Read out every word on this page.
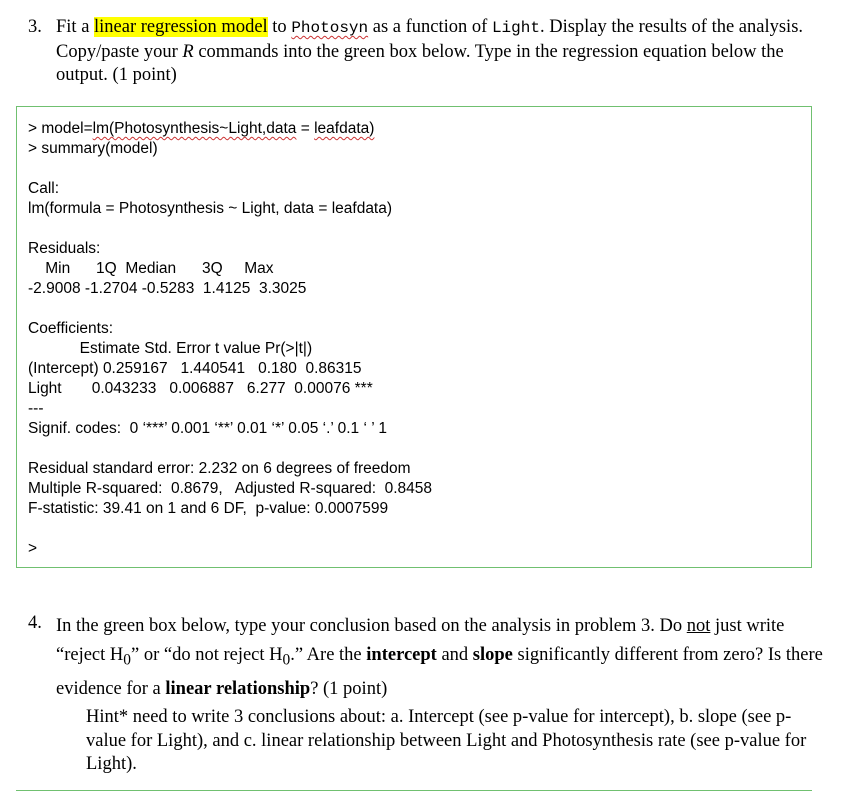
3. Fit a linear regression model to Photosyn as a function of Light. Display the results of the analysis. Copy/paste your R commands into the green box below. Type in the regression equation below the output. (1 point)
> model=lm(Photosynthesis~Light,data = leafdata)
> summary(model)
Call:
lm(formula = Photosynthesis ~ Light, data = leafdata)
Residuals:
Min      1Q  Median      3Q     Max
-2.9008 -1.2704 -0.5283  1.4125  3.3025
Coefficients:
Estimate Std. Error t value Pr(>|t|)
(Intercept) 0.259167   1.440541   0.180  0.86315
Light       0.043233   0.006887   6.277  0.00076 ***
---
Signif. codes:  0 ‘***’ 0.001 ‘**’ 0.01 ‘*’ 0.05 ‘.’ 0.1 ‘ ’ 1
Residual standard error: 2.232 on 6 degrees of freedom
Multiple R-squared:  0.8679,	Adjusted R-squared:  0.8458
F-statistic: 39.41 on 1 and 6 DF,  p-value: 0.0007599
>
4. In the green box below, type your conclusion based on the analysis in problem 3. Do not just write “reject $H_0$” or “do not reject $H_0$.” Are the intercept and slope significantly different from zero? Is there evidence for a linear relationship? (1 point)
Hint* need to write 3 conclusions about: a. Intercept (see p-value for intercept), b. slope (see p-value for Light), and c. linear relationship between Light and Photosynthesis rate (see p-value for Light).
